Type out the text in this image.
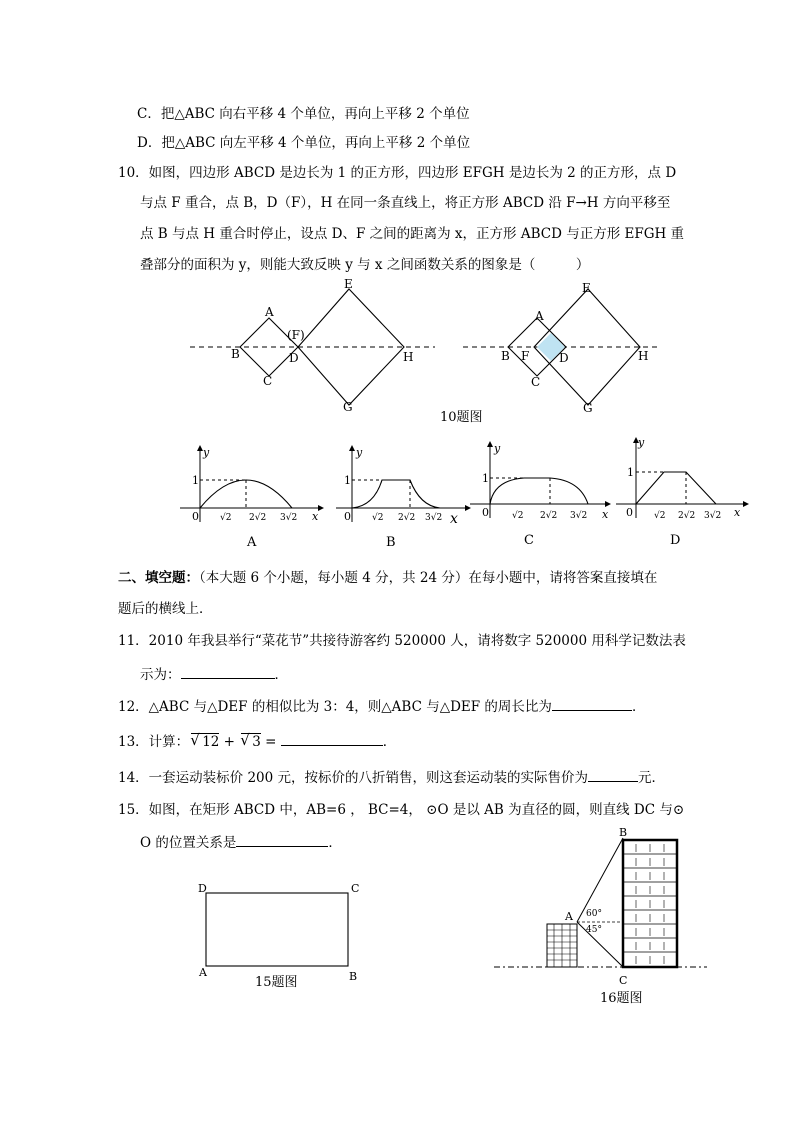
C．把△ABC 向右平移 4 个单位，再向上平移 2 个单位
D．把△ABC 向左平移 4 个单位，再向上平移 2 个单位
10．如图，四边形 ABCD 是边长为 1 的正方形，四边形 EFGH 是边长为 2 的正方形，点 D
与点 F 重合，点 B，D（F），H 在同一条直线上，将正方形 ABCD 沿 F→H 方向平移至
点 B 与点 H 重合时停止，设点 D、F 之间的距离为 x，正方形 ABCD 与正方形 EFGH 重
叠部分的面积为 y，则能大致反映 y 与 x 之间函数关系的图象是（　　　）
A
B
C
D
(F)
E
H
G
A
B F D
C
E
H
G
10题图
y
1
0 √2 2√2 3√2 x
A
y
1
0 √2 2√2 3√2 x
B
y
1
0	√2 2√2 3√2 x
C
y
1
0 √2 2√2 3√2 x
D
二、填空题：（本大题 6 个小题，每小题 4 分，共 24 分）在每小题中，请将答案直接填在
题后的横线上．
11．2010 年我县举行“菜花节”共接待游客约 520000 人，请将数字 520000 用科学记数法表
示为：	．
12．△ABC 与△DEF 的相似比为 3：4，则△ABC 与△DEF 的周长比为	．
13．计算：√ 12 + √ 3 =	．
14．一套运动装标价 200 元，按标价的八折销售，则这套运动装的实际售价为	元．
15．如图，在矩形 ABCD 中，AB=6 ， BC=4， ⊙O 是以 AB 为直径的圆，则直线 DC 与⊙
O 的位置关系是	．
D	C
A	B
15题图
A
B
C
60°
45°
16题图
